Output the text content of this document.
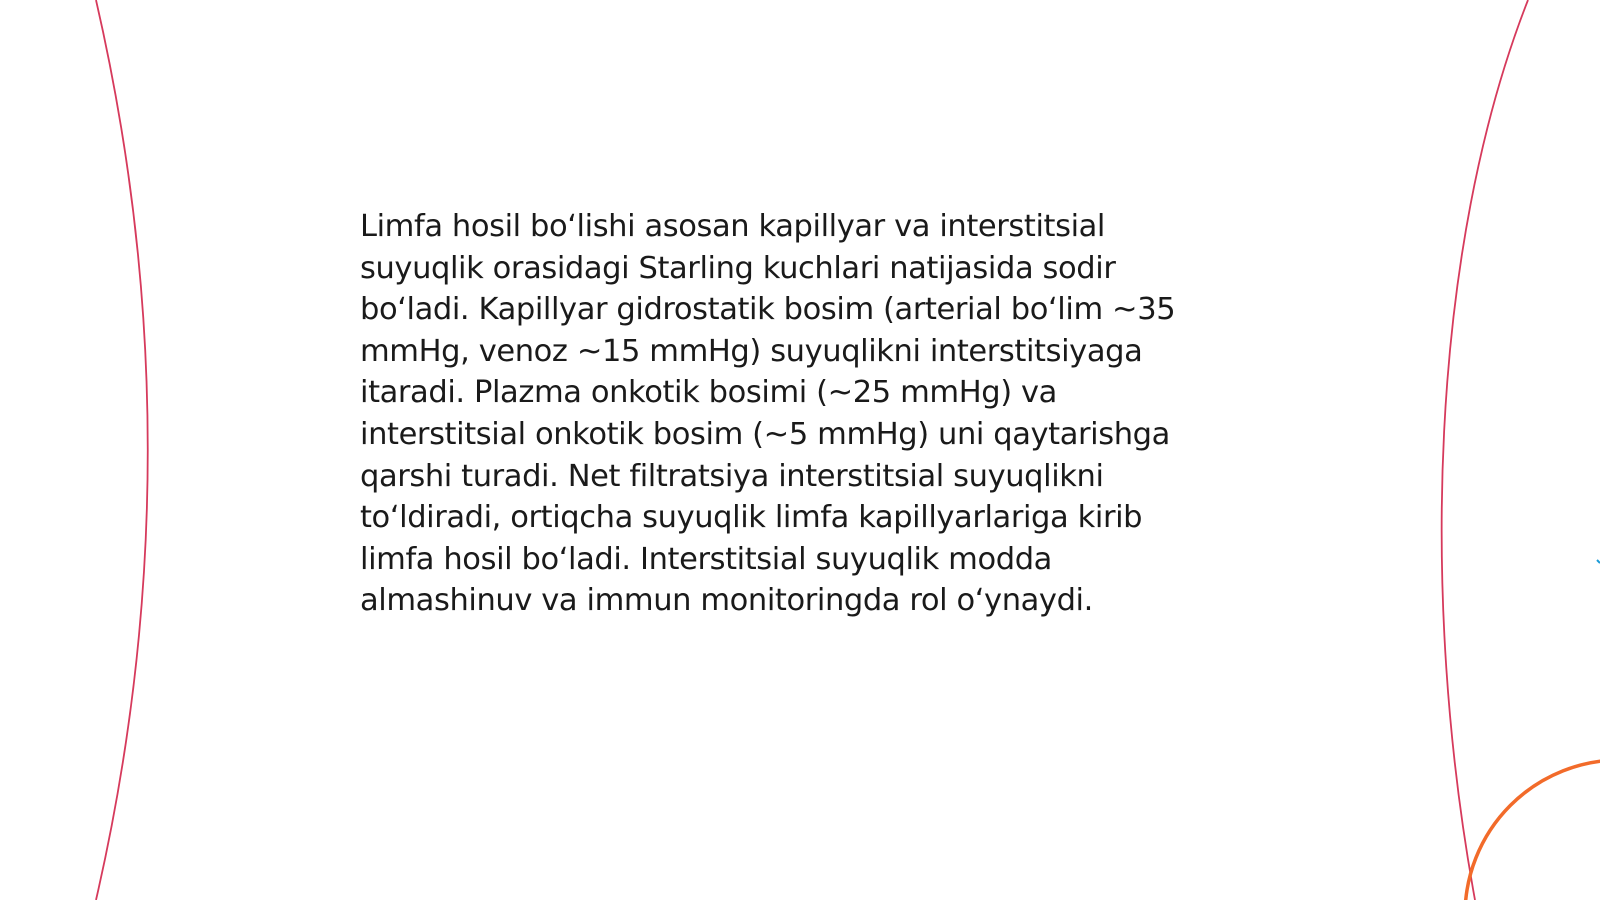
Limfa hosil boʻlishi asosan kapillyar va interstitsial
suyuqlik orasidagi Starling kuchlari natijasida sodir
boʻladi. Kapillyar gidrostatik bosim (arterial boʻlim ~35
mmHg, venoz ~15 mmHg) suyuqlikni interstitsiyaga
itaradi. Plazma onkotik bosimi (~25 mmHg) va
interstitsial onkotik bosim (~5 mmHg) uni qaytarishga
qarshi turadi. Net filtratsiya interstitsial suyuqlikni
toʻldiradi, ortiqcha suyuqlik limfa kapillyarlariga kirib
limfa hosil boʻladi. Interstitsial suyuqlik modda
almashinuv va immun monitoringda rol oʻynaydi.
